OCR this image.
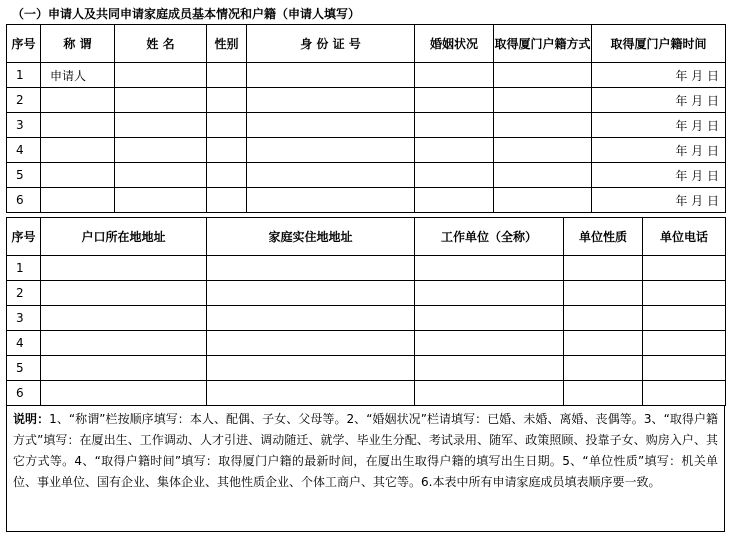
（一）申请人及共同申请家庭成员基本情况和户籍（申请人填写）
序号	称 谓	姓 名	性别	身 份 证 号	婚姻状况	取得厦门户籍方式	取得厦门户籍时间
1	申请人						年 月 日
2							年 月 日
3							年 月 日
4							年 月 日
5							年 月 日
6							年 月 日
序号	户口所在地地址	家庭实住地地址	工作单位（全称）	单位性质	单位电话
1					
2					
3					
4					
5					
6					
说明：1、“称谓”栏按顺序填写：本人、配偶、子女、父母等。2、“婚姻状况”栏请填写：已婚、未婚、离婚、丧偶等。3、“取得户籍方式”填写：在厦出生、工作调动、人才引进、调动随迁、就学、毕业生分配、考试录用、随军、政策照顾、投靠子女、购房入户、其它方式等。4、“取得户籍时间”填写：取得厦门户籍的最新时间，在厦出生取得户籍的填写出生日期。5、“单位性质”填写：机关单位、事业单位、国有企业、集体企业、其他性质企业、个体工商户、其它等。6.本表中所有申请家庭成员填表顺序要一致。
